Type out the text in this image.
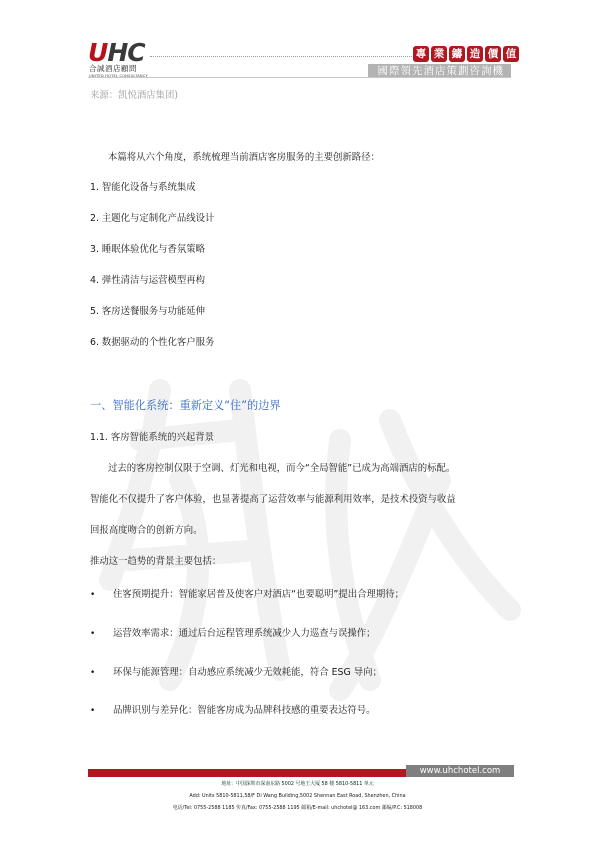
UHC
合誠酒店顧問
UNITED HOTEL CONSULTANCY
專 業 鑄 造 價 值
國際領先酒店策劃咨詢機構
来源：凯悦酒店集团)
本篇将从六个角度，系统梳理当前酒店客房服务的主要创新路径：
1. 智能化设备与系统集成
2. 主题化与定制化产品线设计
3. 睡眠体验优化与香氛策略
4. 弹性清洁与运营模型再构
5. 客房送餐服务与功能延伸
6. 数据驱动的个性化客户服务
一、智能化系统：重新定义“住”的边界
1.1. 客房智能系统的兴起背景
过去的客房控制仅限于空调、灯光和电视，而今“全局智能”已成为高端酒店的标配。
智能化不仅提升了客户体验，也显著提高了运营效率与能源利用效率，是技术投资与收益
回报高度吻合的创新方向。
推动这一趋势的背景主要包括：
• 住客预期提升：智能家居普及使客户对酒店“也要聪明”提出合理期待；
• 运营效率需求：通过后台远程管理系统减少人力巡查与误操作；
• 环保与能源管理：自动感应系统减少无效耗能，符合 ESG 导向；
• 品牌识别与差异化：智能客房成为品牌科技感的重要表达符号。
www.uhchotel.com
地址：中国深圳市深南东路 5002 号地王大厦 58 楼 5810-5811 单元
Add: Units 5810-5811,58/F Di Wang Building,5002 Shennan East Road, Shenzhen, China
电话/Tel: 0755-2588 1185 传真/Fax: 0755-2588 1195 邮箱/E-mail: uhchotel@ 163.com 邮编/P.C: 518008
